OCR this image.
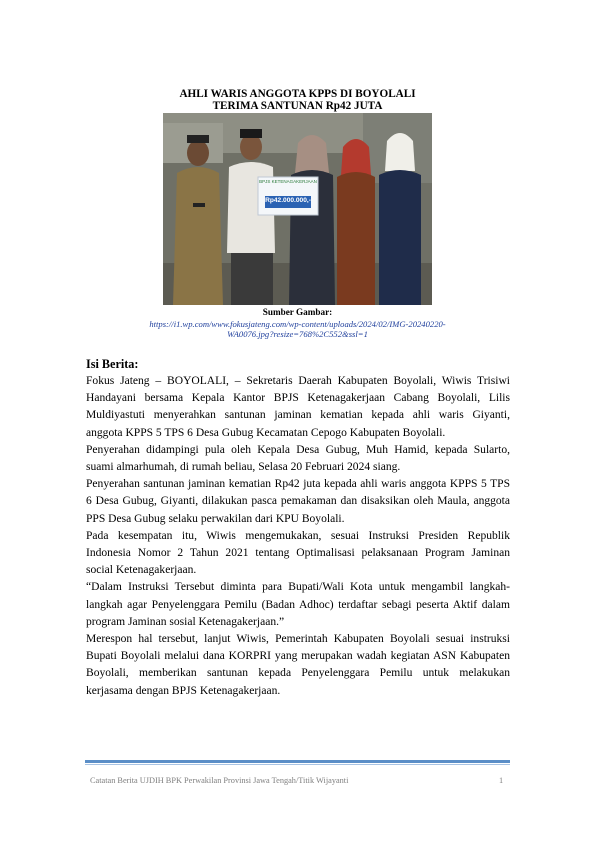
AHLI WARIS ANGGOTA KPPS DI BOYOLALI
TERIMA SANTUNAN Rp42 JUTA
BPJS KETENAGAKERJAAN
Rp42.000.000,-
Sumber Gambar:
https://i1.wp.com/www.fokusjateng.com/wp-content/uploads/2024/02/IMG-20240220-
WA0076.jpg?resize=768%2C552&ssl=1
Isi Berita:

Fokus Jateng – BOYOLALI, – Sekretaris Daerah Kabupaten Boyolali, Wiwis Trisiwi
Handayani bersama Kepala Kantor BPJS Ketenagakerjaan Cabang Boyolali, Lilis
Muldiyastuti menyerahkan santunan jaminan kematian kepada ahli waris Giyanti,
anggota KPPS 5 TPS 6 Desa Gubug Kecamatan Cepogo Kabupaten Boyolali.

Penyerahan didampingi pula oleh Kepala Desa Gubug, Muh Hamid, kepada Sularto,
suami almarhumah, di rumah beliau, Selasa 20 Februari 2024 siang.

Penyerahan santunan jaminan kematian Rp42 juta kepada ahli waris anggota KPPS 5 TPS
6 Desa Gubug, Giyanti, dilakukan pasca pemakaman dan disaksikan oleh Maula, anggota
PPS Desa Gubug selaku perwakilan dari KPU Boyolali.

Pada kesempatan itu, Wiwis mengemukakan, sesuai Instruksi Presiden Republik
Indonesia Nomor 2 Tahun 2021 tentang Optimalisasi pelaksanaan Program Jaminan
social Ketenagakerjaan.

“Dalam Instruksi Tersebut diminta para Bupati/Wali Kota untuk mengambil langkah-
langkah agar Penyelenggara Pemilu (Badan Adhoc) terdaftar sebagi peserta Aktif dalam
program Jaminan sosial Ketenagakerjaan.”

Merespon hal tersebut, lanjut Wiwis, Pemerintah Kabupaten Boyolali sesuai instruksi
Bupati Boyolali melalui dana KORPRI yang merupakan wadah kegiatan ASN Kabupaten
Boyolali, memberikan santunan kepada Penyelenggara Pemilu untuk melakukan
kerjasama dengan BPJS Ketenagakerjaan.

Catatan Berita UJDIH BPK Perwakilan Provinsi Jawa Tengah/Titik Wijayanti	1
